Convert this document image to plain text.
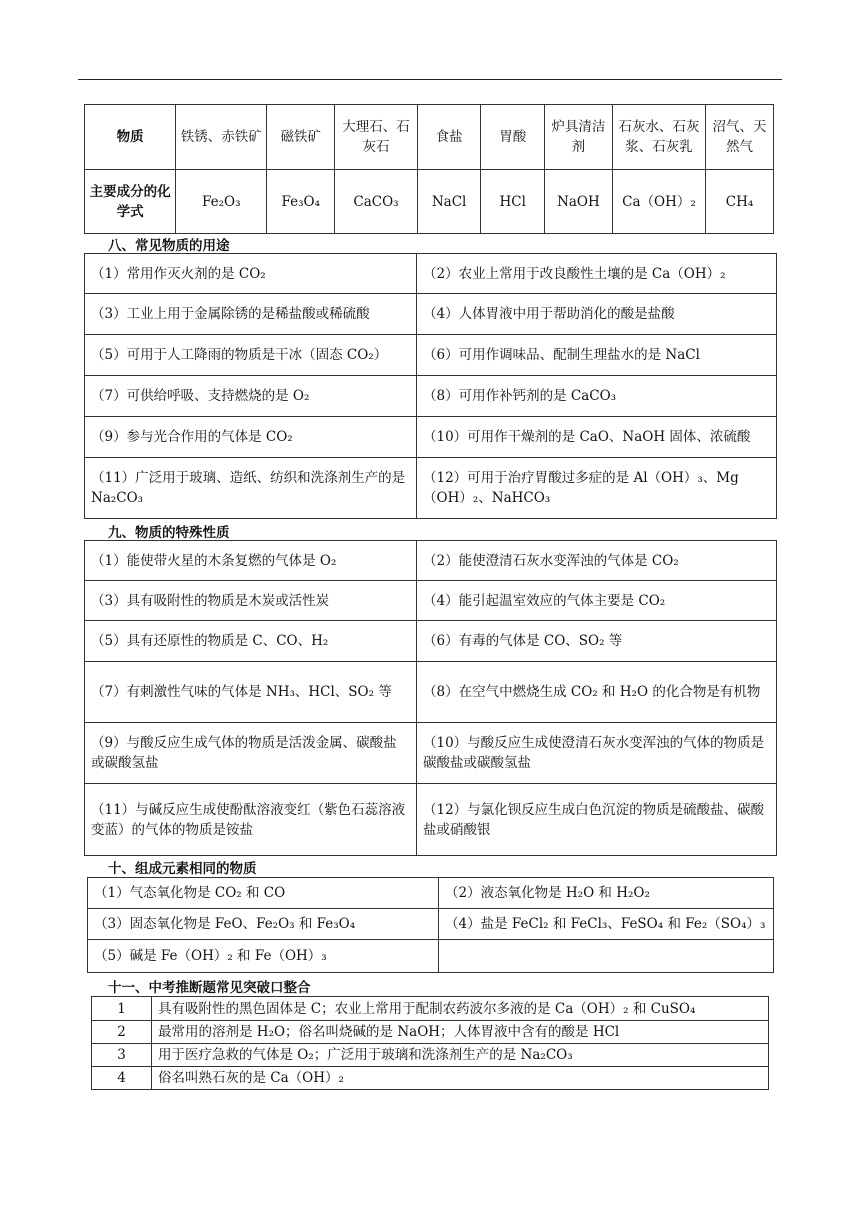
物质	铁锈、赤铁矿	磁铁矿	大理石、石灰石	食盐	胃酸	炉具清洁剂	石灰水、石灰浆、石灰乳	沼气、天然气
主要成分的化学式	Fe₂O₃	Fe₃O₄	CaCO₃	NaCl	HCl	NaOH	Ca（OH）₂	CH₄
八、常见物质的用途
（1）常用作灭火剂的是 CO₂	（2）农业上常用于改良酸性土壤的是 Ca（OH）₂
（3）工业上用于金属除锈的是稀盐酸或稀硫酸	（4）人体胃液中用于帮助消化的酸是盐酸
（5）可用于人工降雨的物质是干冰（固态 CO₂）	（6）可用作调味品、配制生理盐水的是 NaCl
（7）可供给呼吸、支持燃烧的是 O₂	（8）可用作补钙剂的是 CaCO₃
（9）参与光合作用的气体是 CO₂	（10）可用作干燥剂的是 CaO、NaOH 固体、浓硫酸
（11）广泛用于玻璃、造纸、纺织和洗涤剂生产的是 Na₂CO₃	（12）可用于治疗胃酸过多症的是 Al（OH）₃、Mg（OH）₂、NaHCO₃
九、物质的特殊性质
（1）能使带火星的木条复燃的气体是 O₂	（2）能使澄清石灰水变浑浊的气体是 CO₂
（3）具有吸附性的物质是木炭或活性炭	（4）能引起温室效应的气体主要是 CO₂
（5）具有还原性的物质是 C、CO、H₂	（6）有毒的气体是 CO、SO₂ 等
（7）有刺激性气味的气体是 NH₃、HCl、SO₂ 等	（8）在空气中燃烧生成 CO₂ 和 H₂O 的化合物是有机物
（9）与酸反应生成气体的物质是活泼金属、碳酸盐或碳酸氢盐	（10）与酸反应生成使澄清石灰水变浑浊的气体的物质是碳酸盐或碳酸氢盐
（11）与碱反应生成使酚酞溶液变红（紫色石蕊溶液变蓝）的气体的物质是铵盐	（12）与氯化钡反应生成白色沉淀的物质是硫酸盐、碳酸盐或硝酸银
十、组成元素相同的物质
（1）气态氧化物是 CO₂ 和 CO	（2）液态氧化物是 H₂O 和 H₂O₂
（3）固态氧化物是 FeO、Fe₂O₃ 和 Fe₃O₄	（4）盐是 FeCl₂ 和 FeCl₃、FeSO₄ 和 Fe₂（SO₄）₃
（5）碱是 Fe（OH）₂ 和 Fe（OH）₃	
十一、中考推断题常见突破口整合
1	具有吸附性的黑色固体是 C；农业上常用于配制农药波尔多液的是 Ca（OH）₂ 和 CuSO₄
2	最常用的溶剂是 H₂O；俗名叫烧碱的是 NaOH；人体胃液中含有的酸是 HCl
3	用于医疗急救的气体是 O₂；广泛用于玻璃和洗涤剂生产的是 Na₂CO₃
4	俗名叫熟石灰的是 Ca（OH）₂
